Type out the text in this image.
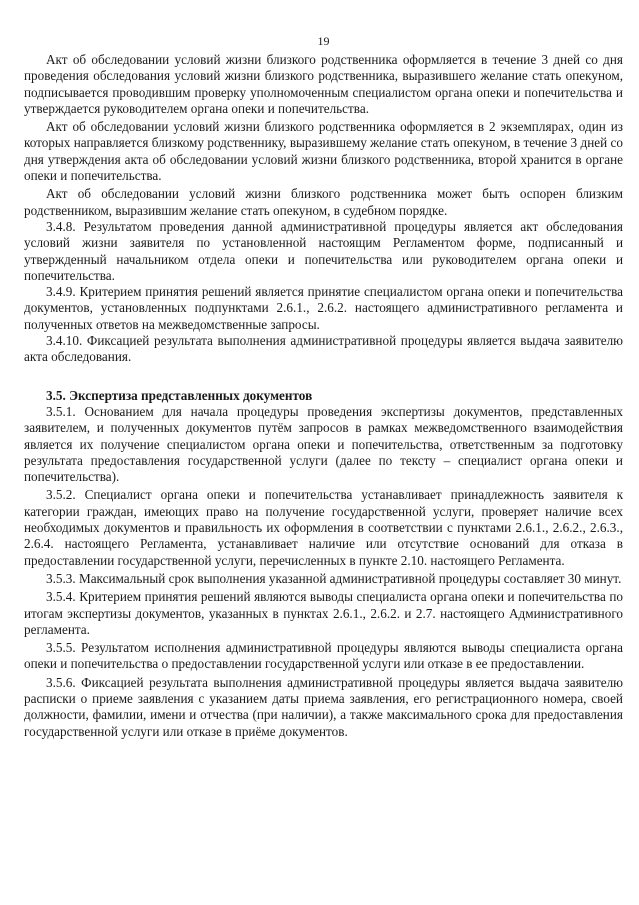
19

Акт об обследовании условий жизни близкого родственника оформляется в течение 3 дней со дня проведения обследования условий жизни близкого родственника, выразившего желание стать опекуном, подписывается проводившим проверку уполномоченным специалистом органа опеки и попечительства и утверждается руководителем органа опеки и попечительства.

Акт об обследовании условий жизни близкого родственника оформляется в 2 экземплярах, один из которых направляется близкому родственнику, выразившему желание стать опекуном, в течение 3 дней со дня утверждения акта об обследовании условий жизни близкого родственника, второй хранится в органе опеки и попечительства.

Акт об обследовании условий жизни близкого родственника может быть оспорен близким родственником, выразившим желание стать опекуном, в судебном порядке.

3.4.8. Результатом проведения данной административной процедуры является акт обследования условий жизни заявителя по установленной настоящим Регламентом форме, подписанный и утвержденный начальником отдела опеки и попечительства или руководителем органа опеки и попечительства.

3.4.9. Критерием принятия решений является принятие специалистом органа опеки и попечительства документов, установленных подпунктами 2.6.1., 2.6.2. настоящего административного регламента и полученных ответов на межведомственные запросы.

3.4.10. Фиксацией результата выполнения административной процедуры является выдача заявителю акта обследования.

3.5. Экспертиза представленных документов

3.5.1. Основанием для начала процедуры проведения экспертизы документов, представленных заявителем, и полученных документов путём запросов в рамках межведомственного взаимодействия является их получение специалистом органа опеки и попечительства, ответственным за подготовку результата предоставления государственной услуги (далее по тексту – специалист органа опеки и попечительства).

3.5.2. Специалист органа опеки и попечительства устанавливает принадлежность заявителя к категории граждан, имеющих право на получение государственной услуги, проверяет наличие всех необходимых документов и правильность их оформления в соответствии с пунктами 2.6.1., 2.6.2., 2.6.3., 2.6.4. настоящего Регламента, устанавливает наличие или отсутствие оснований для отказа в предоставлении государственной услуги, перечисленных в пункте 2.10. настоящего Регламента.

3.5.3. Максимальный срок выполнения указанной административной процедуры составляет 30 минут.

3.5.4. Критерием принятия решений являются выводы специалиста органа опеки и попечительства по итогам экспертизы документов, указанных в пунктах 2.6.1., 2.6.2. и 2.7. настоящего Административного регламента.

3.5.5. Результатом исполнения административной процедуры являются выводы специалиста органа опеки и попечительства о предоставлении государственной услуги или отказе в ее предоставлении.

3.5.6. Фиксацией результата выполнения административной процедуры является выдача заявителю расписки о приеме заявления с указанием даты приема заявления, его регистрационного номера, своей должности, фамилии, имени и отчества (при наличии), а также максимального срока для предоставления государственной услуги или отказе в приёме документов.
